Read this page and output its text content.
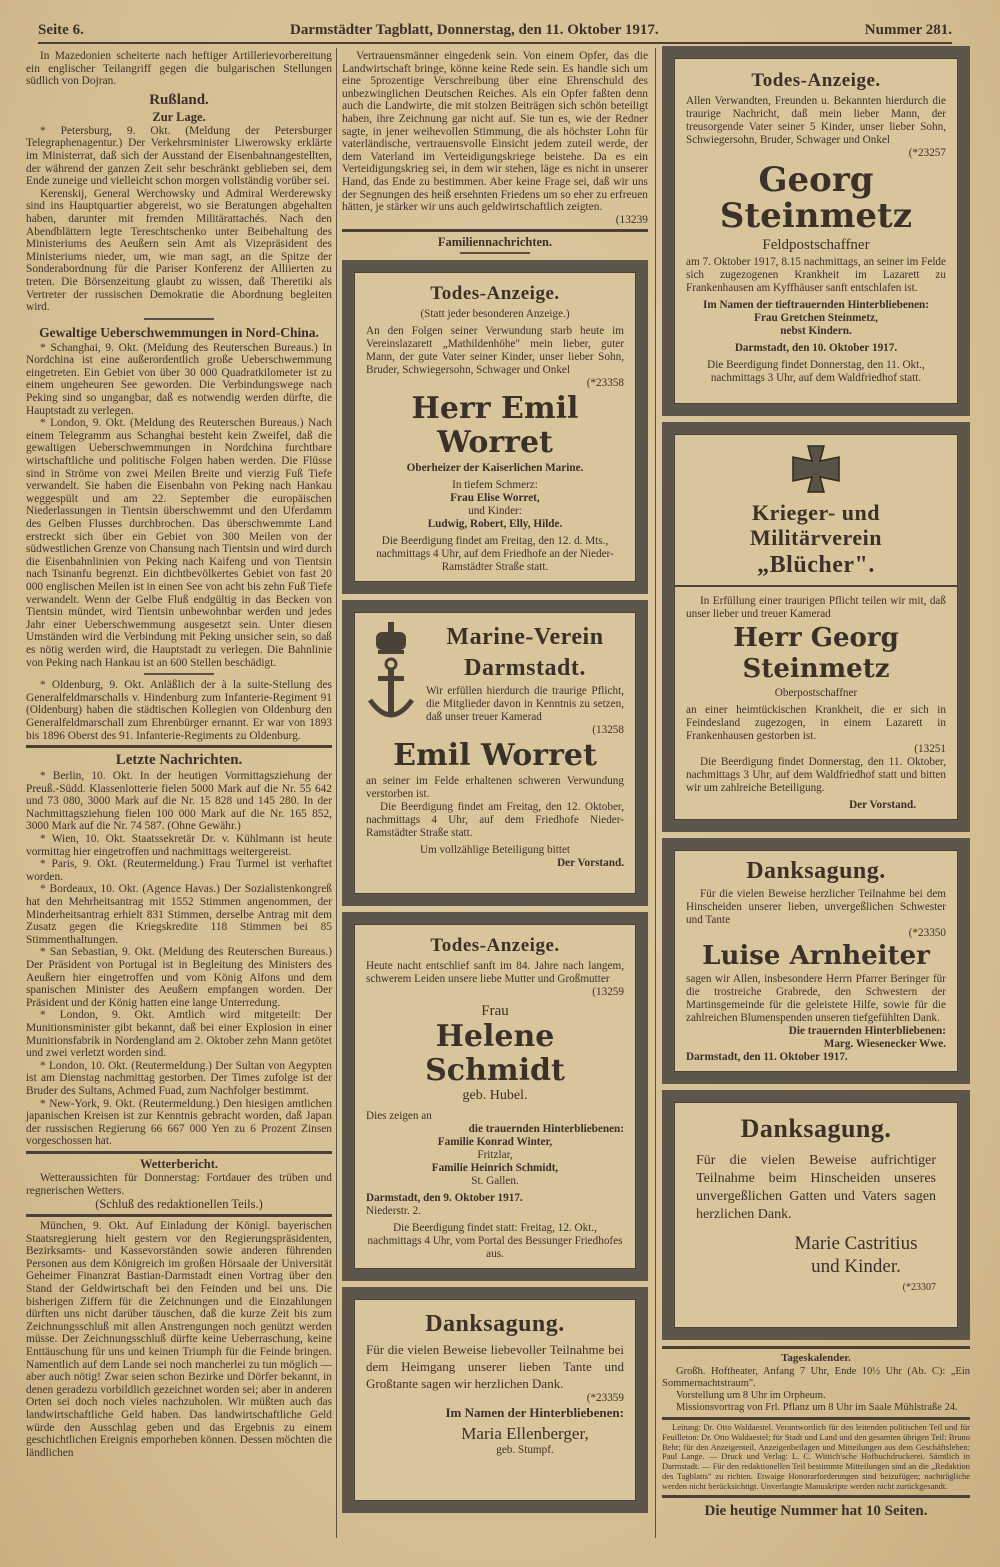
Seite 6.	Darmstädter Tagblatt, Donnerstag, den 11. Oktober 1917.	Nummer 281.

In Mazedonien scheiterte nach heftiger Artillerievorbereitung ein englischer Teilangriff gegen die bulgarischen Stellungen südlich von Dojran.

Rußland.
Zur Lage.

* Petersburg, 9. Okt. (Meldung der Petersburger Telegraphenagentur.) Der Verkehrsminister Liwerowsky erklärte im Ministerrat, daß sich der Ausstand der Eisenbahnangestellten, der während der ganzen Zeit sehr beschränkt geblieben sei, dem Ende zuneige und vielleicht schon morgen vollständig vorüber sei.

Kerenskij, General Werchowsky und Admiral Werderewsky sind ins Hauptquartier abgereist, wo sie Beratungen abgehalten haben, darunter mit fremden Militärattachés. Nach den Abendblättern legte Tereschtschenko unter Beibehaltung des Ministeriums des Aeußern sein Amt als Vizepräsident des Ministeriums nieder, um, wie man sagt, an die Spitze der Sonderabordnung für die Pariser Konferenz der Alliierten zu treten. Die Börsenzeitung glaubt zu wissen, daß Theretiki als Vertreter der russischen Demokratie die Abordnung begleiten wird.

Gewaltige Ueberschwemmungen in Nord-China.

* Schanghai, 9. Okt. (Meldung des Reuterschen Bureaus.) In Nordchina ist eine außerordentlich große Ueberschwemmung eingetreten. Ein Gebiet von über 30 000 Quadratkilometer ist zu einem ungeheuren See geworden. Die Verbindungswege nach Peking sind so ungangbar, daß es notwendig werden dürfte, die Hauptstadt zu verlegen.

* London, 9. Okt. (Meldung des Reuterschen Bureaus.) Nach einem Telegramm aus Schanghai besteht kein Zweifel, daß die gewaltigen Ueberschwemmungen in Nordchina furchtbare wirtschaftliche und politische Folgen haben werden. Die Flüsse sind in Ströme von zwei Meilen Breite und vierzig Fuß Tiefe verwandelt. Sie haben die Eisenbahn von Peking nach Hankau weggespült und am 22. September die europäischen Niederlassungen in Tientsin überschwemmt und den Uferdamm des Gelben Flusses durchbrochen. Das überschwemmte Land erstreckt sich über ein Gebiet von 300 Meilen von der südwestlichen Grenze von Chansung nach Tientsin und wird durch die Eisenbahnlinien von Peking nach Kaifeng und von Tientsin nach Tsinanfu begrenzt. Ein dichtbevölkertes Gebiet von fast 20 000 englischen Meilen ist in einen See von acht bis zehn Fuß Tiefe verwandelt. Wenn der Gelbe Fluß endgültig in das Becken von Tientsin mündet, wird Tientsin unbewohnbar werden und jedes Jahr einer Ueberschwemmung ausgesetzt sein. Unter diesen Umständen wird die Verbindung mit Peking unsicher sein, so daß es nötig werden wird, die Hauptstadt zu verlegen. Die Bahnlinie von Peking nach Hankau ist an 600 Stellen beschädigt.

* Oldenburg, 9. Okt. Anläßlich der à la suite-Stellung des Generalfeldmarschalls v. Hindenburg zum Infanterie-Regiment 91 (Oldenburg) haben die städtischen Kollegien von Oldenburg den Generalfeldmarschall zum Ehrenbürger ernannt. Er war von 1893 bis 1896 Oberst des 91. Infanterie-Regiments zu Oldenburg.

Letzte Nachrichten.

* Berlin, 10. Okt. In der heutigen Vormittagsziehung der Preuß.-Südd. Klassenlotterie fielen 5000 Mark auf die Nr. 55 642 und 73 080, 3000 Mark auf die Nr. 15 828 und 145 280. In der Nachmittagsziehung fielen 100 000 Mark auf die Nr. 165 852, 3000 Mark auf die Nr. 74 587. (Ohne Gewähr.)

* Wien, 10. Okt. Staatssekretär Dr. v. Kühlmann ist heute vormittag hier eingetroffen und nachmittags weitergereist.

* Paris, 9. Okt. (Reutermeldung.) Frau Turmel ist verhaftet worden.

* Bordeaux, 10. Okt. (Agence Havas.) Der Sozialistenkongreß hat den Mehrheitsantrag mit 1552 Stimmen angenommen, der Minderheitsantrag erhielt 831 Stimmen, derselbe Antrag mit dem Zusatz gegen die Kriegskredite 118 Stimmen bei 85 Stimmenthaltungen.

* San Sebastian, 9. Okt. (Meldung des Reuterschen Bureaus.) Der Präsident von Portugal ist in Begleitung des Ministers des Aeußern hier eingetroffen und vom König Alfons und dem spanischen Minister des Aeußern empfangen worden. Der Präsident und der König hatten eine lange Unterredung.

* London, 9. Okt. Amtlich wird mitgeteilt: Der Munitionsminister gibt bekannt, daß bei einer Explosion in einer Munitionsfabrik in Nordengland am 2. Oktober zehn Mann getötet und zwei verletzt worden sind.

* London, 10. Okt. (Reutermeldung.) Der Sultan von Aegypten ist am Dienstag nachmittag gestorben. Der Times zufolge ist der Bruder des Sultans, Achmed Fuad, zum Nachfolger bestimmt.

* New-York, 9. Okt. (Reutermeldung.) Den hiesigen amtlichen japanischen Kreisen ist zur Kenntnis gebracht worden, daß Japan der russischen Regierung 66 667 000 Yen zu 6 Prozent Zinsen vorgeschossen hat.

Wetterbericht.

Wetteraussichten für Donnerstag: Fortdauer des trüben und regnerischen Wetters.

(Schluß des redaktionellen Teils.)

München, 9. Okt. Auf Einladung der Königl. bayerischen Staatsregierung hielt gestern vor den Regierungspräsidenten, Bezirksamts- und Kassevorständen sowie anderen führenden Personen aus dem Königreich im großen Hörsaale der Universität Geheimer Finanzrat Bastian-Darmstadt einen Vortrag über den Stand der Geldwirtschaft bei den Feinden und bei uns. Die bisherigen Ziffern für die Zeichnungen und die Einzahlungen dürften uns nicht darüber täuschen, daß die kurze Zeit bis zum Zeichnungsschluß mit allen Anstrengungen noch genützt werden müsse. Der Zeichnungsschluß dürfte keine Ueberraschung, keine Enttäuschung für uns und keinen Triumph für die Feinde bringen. Namentlich auf dem Lande sei noch mancherlei zu tun möglich — aber auch nötig! Zwar seien schon Bezirke und Dörfer bekannt, in denen geradezu vorbildlich gezeichnet worden sei; aber in anderen Orten sei doch noch vieles nachzuholen. Wir müßten auch das landwirtschaftliche Geld haben. Das landwirtschaftliche Geld würde den Ausschlag geben und das Ergebnis zu einem geschichtlichen Ereignis emporheben können. Dessen möchten die ländlichen

Vertrauensmänner eingedenk sein. Von einem Opfer, das die Landwirtschaft bringe, könne keine Rede sein. Es handle sich um eine 5prozentige Verschreibung über eine Ehrenschuld des unbezwinglichen Deutschen Reiches. Als ein Opfer faßten denn auch die Landwirte, die mit stolzen Beiträgen sich schön beteiligt haben, ihre Zeichnung gar nicht auf. Sie tun es, wie der Redner sagte, in jener weihevollen Stimmung, die als höchster Lohn für vaterländische, vertrauensvolle Einsicht jedem zuteil werde, der dem Vaterland im Verteidigungskriege beistehe. Da es ein Verteidigungskrieg sei, in dem wir stehen, läge es nicht in unserer Hand, das Ende zu bestimmen. Aber keine Frage sei, daß wir uns der Segnungen des heiß ersehnten Friedens um so eher zu erfreuen hätten, je stärker wir uns auch geldwirtschaftlich zeigten.

(13239
Familiennachrichten.
Todes-Anzeige.
(Statt jeder besonderen Anzeige.)

An den Folgen seiner Verwundung starb heute im Vereinslazarett „Mathildenhöhe" mein lieber, guter Mann, der gute Vater seiner Kinder, unser lieber Sohn, Bruder, Schwiegersohn, Schwager und Onkel

(*23358
Herr Emil Worret
Oberheizer der Kaiserlichen Marine.
In tiefem Schmerz:
Frau Elise Worret,
und Kinder:
Ludwig, Robert, Elly, Hilde.

Die Beerdigung findet am Freitag, den 12. d. Mts., nachmittags 4 Uhr, auf dem Friedhofe an der Nieder-Ramstädter Straße statt.

Marine-Verein
Darmstadt.

Wir erfüllen hierdurch die traurige Pflicht, die Mitglieder davon in Kenntnis zu setzen, daß unser treuer Kamerad

(13258
Emil Worret

an seiner im Felde erhaltenen schweren Verwundung verstorben ist.

Die Beerdigung findet am Freitag, den 12. Oktober, nachmittags 4 Uhr, auf dem Friedhofe Nieder-Ramstädter Straße statt.

Um vollzählige Beteiligung bittet
Der Vorstand.
Todes-Anzeige.

Heute nacht entschlief sanft im 84. Jahre nach langem, schwerem Leiden unsere liebe Mutter und Großmutter

(13259
Frau
Helene Schmidt
geb. Hubel.
Dies zeigen an
die trauernden Hinterbliebenen:
Familie Konrad Winter,
Fritzlar,
Familie Heinrich Schmidt,
St. Gallen.
Darmstadt, den 9. Oktober 1917.
Niederstr. 2.

Die Beerdigung findet statt: Freitag, 12. Okt., nachmittags 4 Uhr, vom Portal des Bessunger Friedhofes aus.

Danksagung.

Für die vielen Beweise liebevoller Teilnahme bei dem Heimgang unserer lieben Tante und Großtante sagen wir herzlichen Dank.

(*23359
Im Namen der Hinterbliebenen:
Maria Ellenberger,
geb. Stumpf.
Todes-Anzeige.

Allen Verwandten, Freunden u. Bekannten hierdurch die traurige Nachricht, daß mein lieber Mann, der treusorgende Vater seiner 5 Kinder, unser lieber Sohn, Schwiegersohn, Bruder, Schwager und Onkel

(*23257
Georg Steinmetz
Feldpostschaffner

am 7. Oktober 1917, 8.15 nachmittags, an seiner im Felde sich zugezogenen Krankheit im Lazarett zu Frankenhausen am Kyffhäuser sanft entschlafen ist.

Im Namen der tieftrauernden Hinterbliebenen:
Frau Gretchen Steinmetz,
nebst Kindern.
Darmstadt, den 10. Oktober 1917.

Die Beerdigung findet Donnerstag, den 11. Okt., nachmittags 3 Uhr, auf dem Waldfriedhof statt.

Krieger- und Militärverein
„Blücher".

In Erfüllung einer traurigen Pflicht teilen wir mit, daß unser lieber und treuer Kamerad

Herr Georg Steinmetz
Oberpostschaffner

an einer heimtückischen Krankheit, die er sich in Feindesland zugezogen, in einem Lazarett in Frankenhausen gestorben ist.

(13251

Die Beerdigung findet Donnerstag, den 11. Oktober, nachmittags 3 Uhr, auf dem Waldfriedhof statt und bitten wir um zahlreiche Beteiligung.

Der Vorstand.
Danksagung.

Für die vielen Beweise herzlicher Teilnahme bei dem Hinscheiden unserer lieben, unvergeßlichen Schwester und Tante

(*23350
Luise Arnheiter

sagen wir Allen, insbesondere Herrn Pfarrer Beringer für die trostreiche Grabrede, den Schwestern der Martinsgemeinde für die geleistete Hilfe, sowie für die zahlreichen Blumenspenden unseren tiefgefühlten Dank.

Die trauernden Hinterbliebenen:
Marg. Wiesenecker Wwe.
Darmstadt, den 11. Oktober 1917.
Danksagung.

Für die vielen Beweise aufrichtiger Teilnahme beim Hinscheiden unseres unvergeßlichen Gatten und Vaters sagen herzlichen Dank.

Marie Castritius
und Kinder.
(*23307
Tageskalender.

Großh. Hoftheater, Anfang 7 Uhr, Ende 10½ Uhr (Ab. C): „Ein Sommernachtstraum".

Vorstellung um 8 Uhr im Orpheum.

Missionsvortrag von Frl. Pflanz um 8 Uhr im Saale Mühlstraße 24.

Leitung: Dr. Otto Waldaestel. Verantwortlich für den leitenden politischen Teil und für Feuilleton: Dr. Otto Waldaestel; für Stadt und Land und den gesamten übrigen Teil: Bruno Behr; für den Anzeigenteil, Anzeigenbeilagen und Mitteilungen aus dem Geschäftsleben: Paul Lange. — Druck und Verlag: L. C. Wittich'sche Hofbuchdruckerei. Sämtlich in Darmstadt. — Für den redaktionellen Teil bestimmte Mitteilungen sind an die „Redaktion des Tagblatts" zu richten. Etwaige Honorarforderungen sind beizufügen; nachträgliche werden nicht berücksichtigt. Unverlangte Manuskripte werden nicht zurückgesandt.

Die heutige Nummer hat 10 Seiten.
